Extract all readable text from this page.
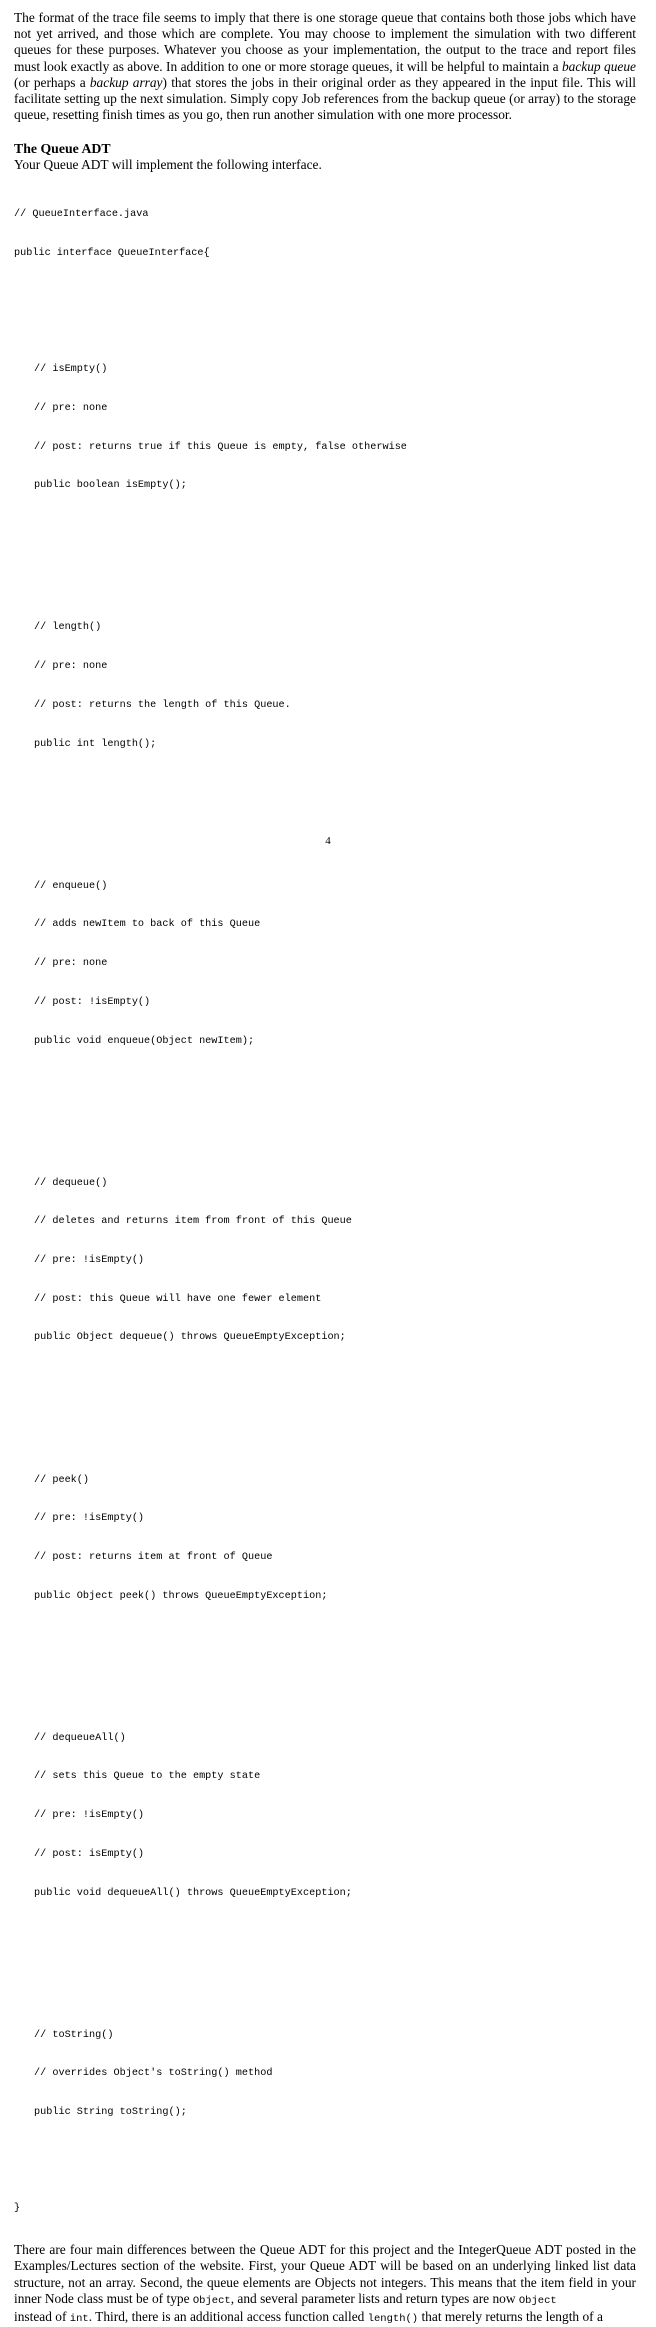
The format of the trace file seems to imply that there is one storage queue that contains both those jobs which have not yet arrived, and those which are complete. You may choose to implement the simulation with two different queues for these purposes. Whatever you choose as your implementation, the output to the trace and report files must look exactly as above. In addition to one or more storage queues, it will be helpful to maintain a backup queue (or perhaps a backup array) that stores the jobs in their original order as they appeared in the input file. This will facilitate setting up the next simulation. Simply copy Job references from the backup queue (or array) to the storage queue, resetting finish times as you go, then run another simulation with one more processor.

The Queue ADT
Your Queue ADT will implement the following interface.

// QueueInterface.java

public interface QueueInterface{

// isEmpty()

// pre: none

// post: returns true if this Queue is empty, false otherwise

public boolean isEmpty();

// length()

// pre: none

// post: returns the length of this Queue.

public int length();

// enqueue()

// adds newItem to back of this Queue

// pre: none

// post: !isEmpty()

public void enqueue(Object newItem);

// dequeue()

// deletes and returns item from front of this Queue

// pre: !isEmpty()

// post: this Queue will have one fewer element

public Object dequeue() throws QueueEmptyException;

// peek()

// pre: !isEmpty()

// post: returns item at front of Queue

public Object peek() throws QueueEmptyException;

// dequeueAll()

// sets this Queue to the empty state

// pre: !isEmpty()

// post: isEmpty()

public void dequeueAll() throws QueueEmptyException;

// toString()

// overrides Object's toString() method

public String toString();

}

There are four main differences between the Queue ADT for this project and the IntegerQueue ADT posted in the Examples/Lectures section of the website. First, your Queue ADT will be based on an underlying linked list data structure, not an array. Second, the queue elements are Objects not integers. This means that the item field in your inner Node class must be of type Object, and several parameter lists and return types are now Object
instead of int. Third, there is an additional access function called length() that merely returns the length of a

4
